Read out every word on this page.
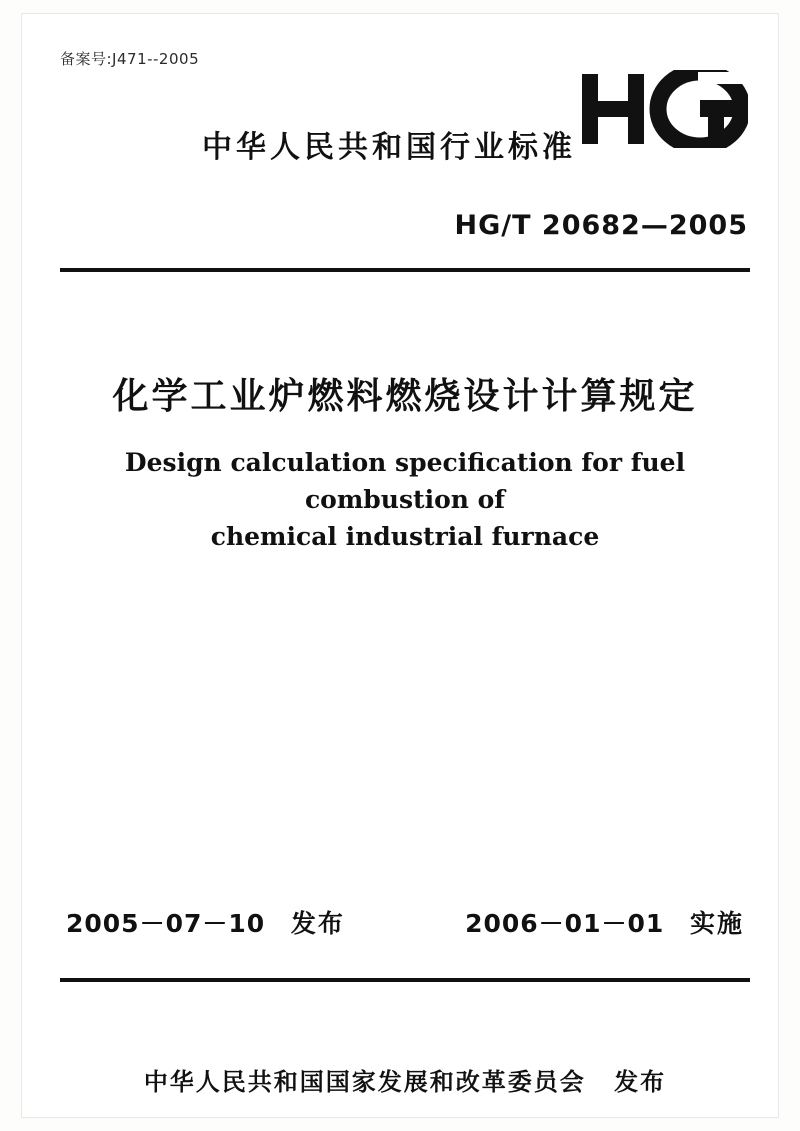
备案号:J471--2005
中华人民共和国行业标准
HG/T 20682—2005
化学工业炉燃料燃烧设计计算规定
Design calculation specification for fuel combustion of
chemical industrial furnace
2005－07－10 发布	2006－01－01 实施
中华人民共和国国家发展和改革委员会 发布
